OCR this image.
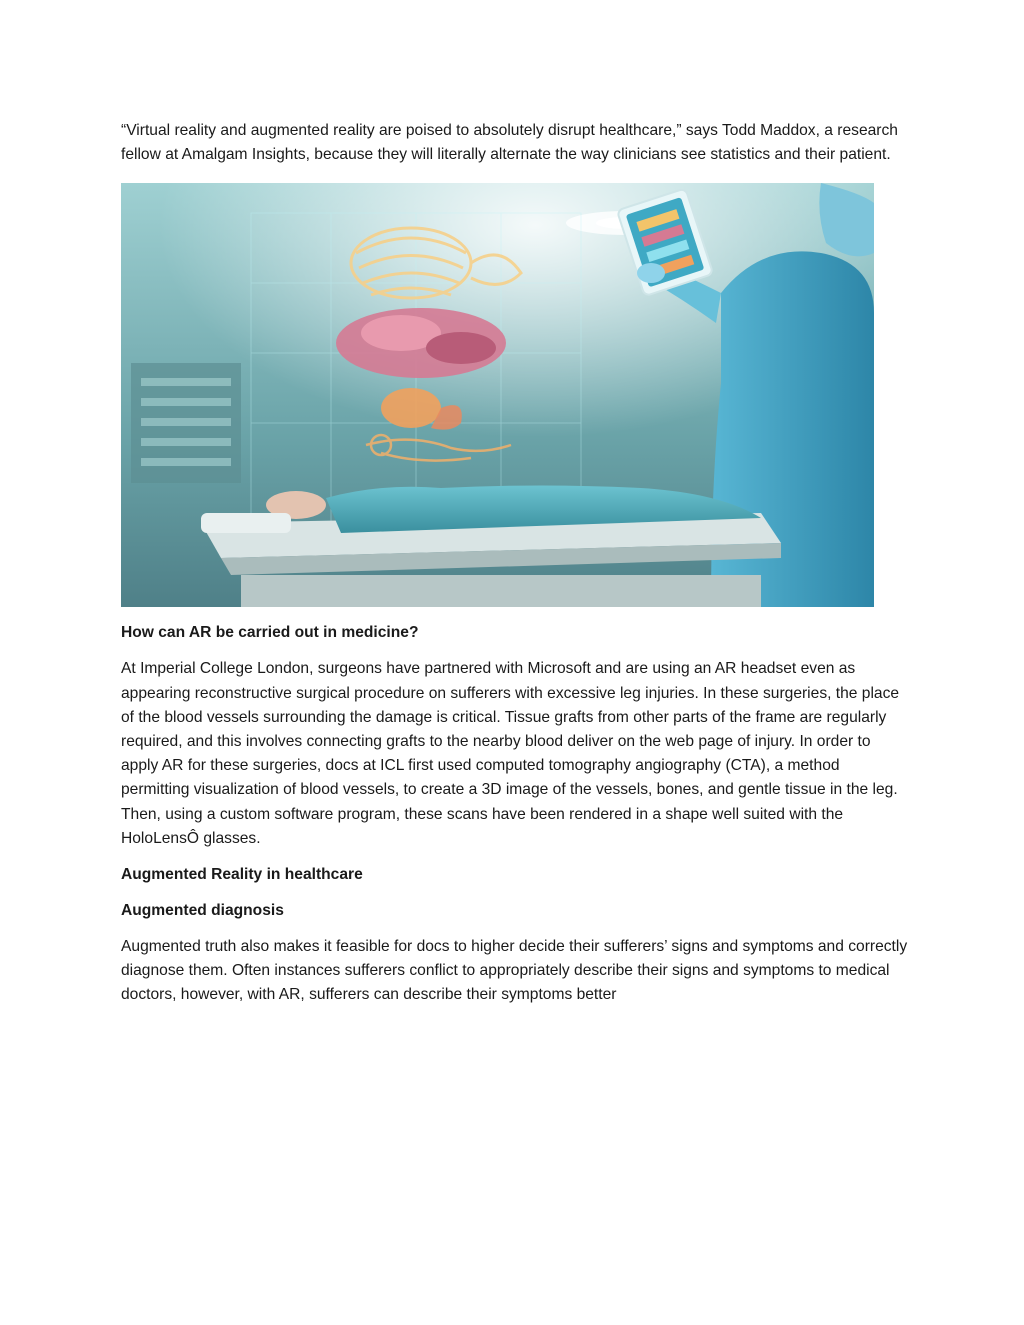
“Virtual reality and augmented reality are poised to absolutely disrupt healthcare,” says Todd Maddox, a research fellow at Amalgam Insights, because they will literally alternate the way clinicians see statistics and their patient.

How can AR be carried out in medicine?

At Imperial College London, surgeons have partnered with Microsoft and are using an AR headset even as appearing reconstructive surgical procedure on sufferers with excessive leg injuries. In these surgeries, the place of the blood vessels surrounding the damage is critical. Tissue grafts from other parts of the frame are regularly required, and this involves connecting grafts to the nearby blood deliver on the web page of injury. In order to apply AR for these surgeries, docs at ICL first used computed tomography angiography (CTA), a method permitting visualization of blood vessels, to create a 3D image of the vessels, bones, and gentle tissue in the leg. Then, using a custom software program, these scans have been rendered in a shape well suited with the HoloLensÔ glasses.

Augmented Reality in healthcare
Augmented diagnosis

Augmented truth also makes it feasible for docs to higher decide their sufferers’ signs and symptoms and correctly diagnose them. Often instances sufferers conflict to appropriately describe their signs and symptoms to medical doctors, however, with AR, sufferers can describe their symptoms better
